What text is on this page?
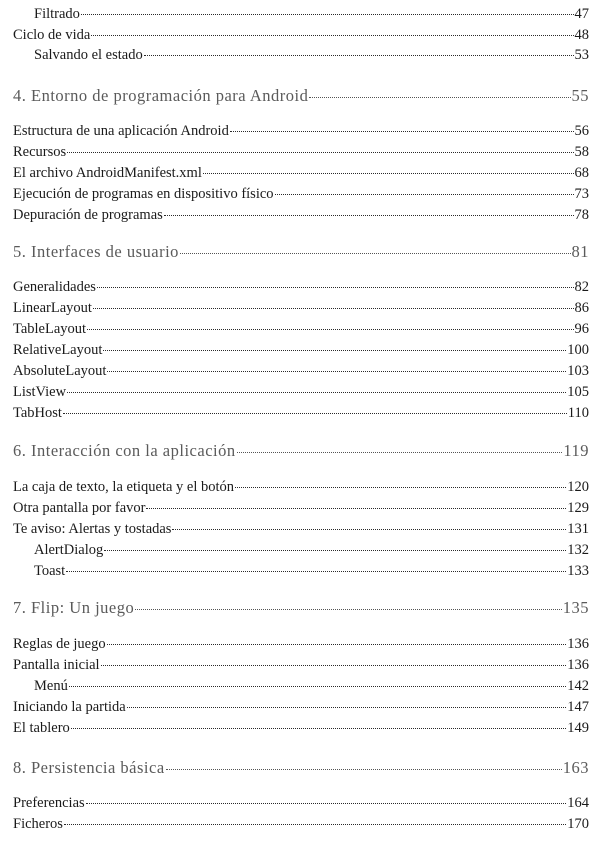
Filtrado	47
Ciclo de vida	48
Salvando el estado	53
4. Entorno de programación para Android	55
Estructura de una aplicación Android	56
Recursos	58
El archivo AndroidManifest.xml	68
Ejecución de programas en dispositivo físico	73
Depuración de programas	78
5. Interfaces de usuario	81
Generalidades	82
LinearLayout	86
TableLayout	96
RelativeLayout	100
AbsoluteLayout	103
ListView	105
TabHost	110
6. Interacción con la aplicación	119
La caja de texto, la etiqueta y el botón	120
Otra pantalla por favor	129
Te aviso: Alertas y tostadas	131
AlertDialog	132
Toast	133
7. Flip: Un juego	135
Reglas de juego	136
Pantalla inicial	136
Menú	142
Iniciando la partida	147
El tablero	149
8. Persistencia básica	163
Preferencias	164
Ficheros	170
